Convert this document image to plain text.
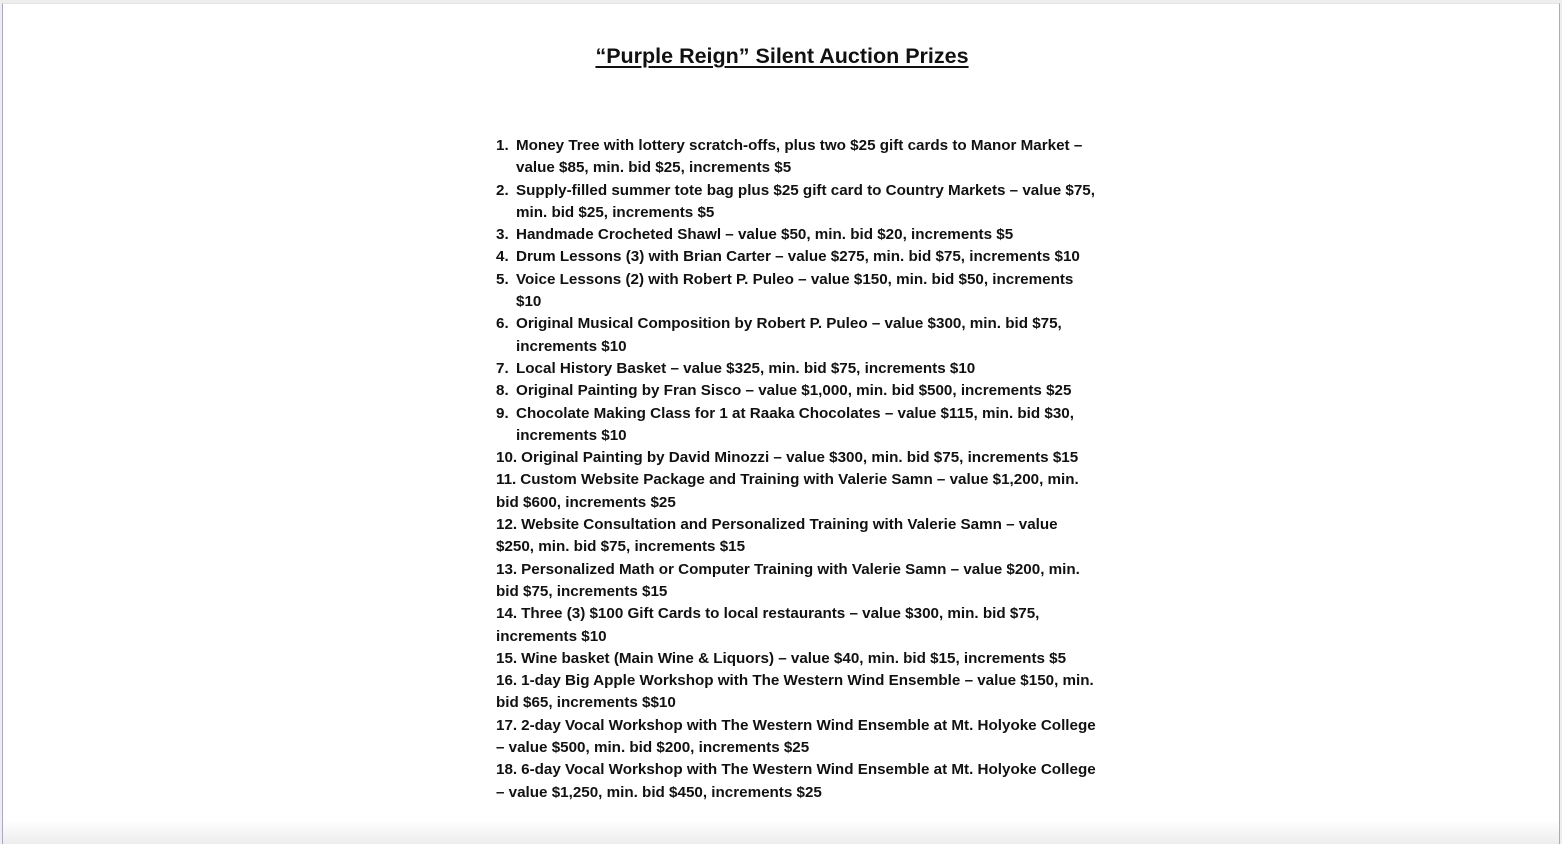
“Purple Reign” Silent Auction Prizes
1. Money Tree with lottery scratch-offs, plus two $25 gift cards to Manor Market – value $85, min. bid $25, increments $5
2. Supply-filled summer tote bag plus $25 gift card to Country Markets – value $75, min. bid $25, increments $5
3. Handmade Crocheted Shawl – value $50, min. bid $20, increments $5
4. Drum Lessons (3) with Brian Carter – value $275, min. bid $75, increments $10
5. Voice Lessons (2) with Robert P. Puleo – value $150, min. bid $50, increments $10
6. Original Musical Composition by Robert P. Puleo – value $300, min. bid $75, increments $10
7. Local History Basket – value $325, min. bid $75, increments $10
8. Original Painting by Fran Sisco – value $1,000, min. bid $500, increments $25
9. Chocolate Making Class for 1 at Raaka Chocolates – value $115, min. bid $30, increments $10
10. Original Painting by David Minozzi – value $300, min. bid $75, increments $15
11. Custom Website Package and Training with Valerie Samn – value $1,200, min. bid $600, increments $25
12. Website Consultation and Personalized Training with Valerie Samn – value $250, min. bid $75, increments $15
13. Personalized Math or Computer Training with Valerie Samn – value $200, min. bid $75, increments $15
14. Three (3) $100 Gift Cards to local restaurants – value $300, min. bid $75, increments $10
15. Wine basket (Main Wine & Liquors) – value $40, min. bid $15, increments $5
16. 1-day Big Apple Workshop with The Western Wind Ensemble – value $150, min. bid $65, increments $$10
17. 2-day Vocal Workshop with The Western Wind Ensemble at Mt. Holyoke College – value $500, min. bid $200, increments $25
18. 6-day Vocal Workshop with The Western Wind Ensemble at Mt. Holyoke College – value $1,250, min. bid $450, increments $25
